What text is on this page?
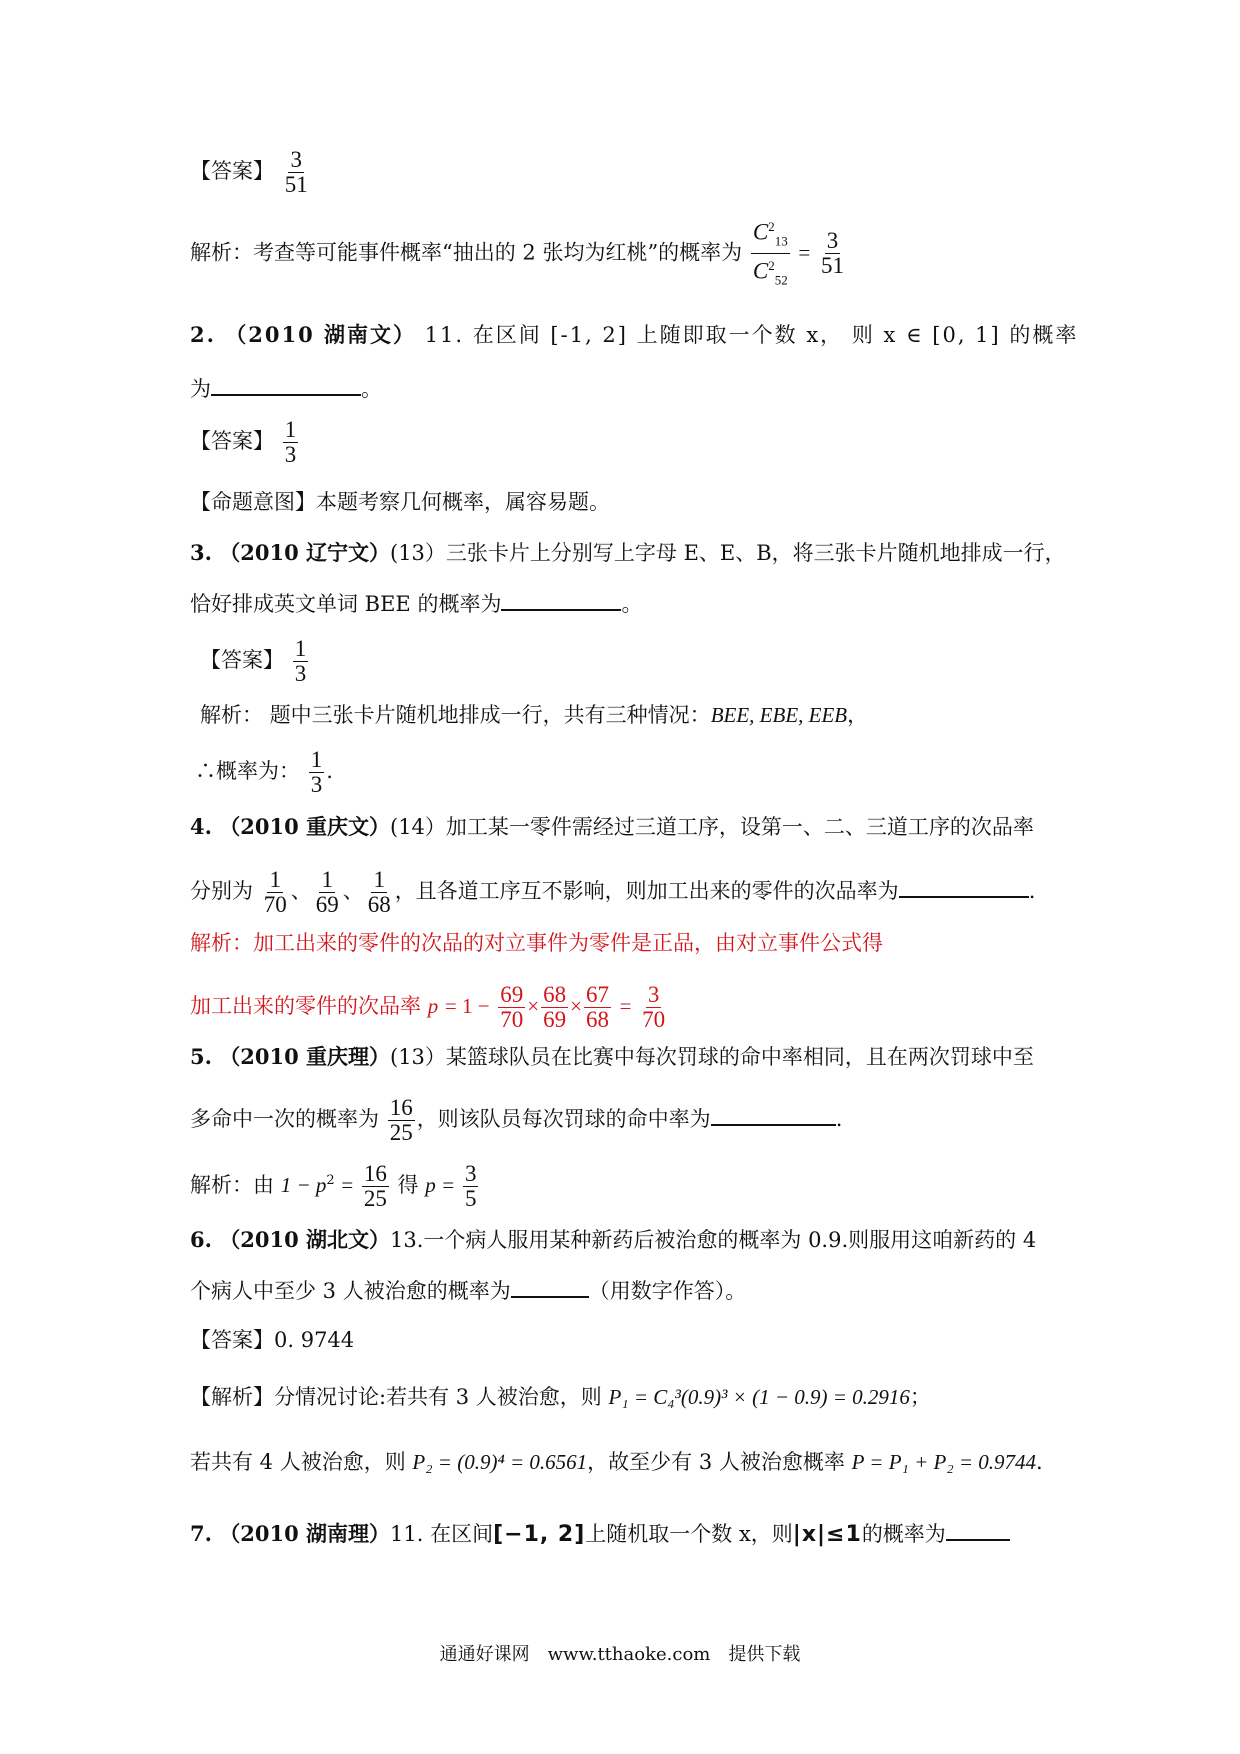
【答案】 $\frac{3}{51}$
解析：考查等可能事件概率“抽出的 2 张均为红桃”的概率为 $\frac{C^2_{13}}{C^2_{52}} = \frac{3}{51}$
2. （2010 湖南文） 11. 在区间 [-1, 2] 上随即取一个数 x， 则 x ∈ [0, 1] 的概率
为	。
【答案】 $\frac{1}{3}$
【命题意图】本题考察几何概率，属容易题。
3. （2010 辽宁文）(13）三张卡片上分别写上字母 E、E、B，将三张卡片随机地排成一行，
恰好排成英文单词 BEE 的概率为	。
【答案】 $\frac{1}{3}$
解析： 题中三张卡片随机地排成一行，共有三种情况：BEE, EBE, EEB，
∴概率为： $\frac{1}{3}$ .
4. （2010 重庆文）(14）加工某一零件需经过三道工序，设第一、二、三道工序的次品率
分别为 $\frac{1}{70}$ 、 $\frac{1}{69}$ 、 $\frac{1}{68}$ ，且各道工序互不影响，则加工出来的零件的次品率为	.
解析：加工出来的零件的次品的对立事件为零件是正品，由对立事件公式得
加工出来的零件的次品率 $p = 1 - \frac{69}{70} \times \frac{68}{69} \times \frac{67}{68} = \frac{3}{70}$
5. （2010 重庆理）(13）某篮球队员在比赛中每次罚球的命中率相同，且在两次罚球中至
多命中一次的概率为 $\frac{16}{25}$ ，则该队员每次罚球的命中率为	.
解析：由 $1 - p^2 = \frac{16}{25}$ 得 $p = \frac{3}{5}$
6. （2010 湖北文）13.一个病人服用某种新药后被治愈的概率为 0.9.则服用这咱新药的 4
个病人中至少 3 人被治愈的概率为	（用数字作答）。
【答案】0. 9744
【解析】分情况讨论:若共有 3 人被治愈，则 P₁ = C₄³(0.9)³ × (1 − 0.9) = 0.2916；
若共有 4 人被治愈，则 P₂ = (0.9)⁴ = 0.6561，故至少有 3 人被治愈概率 P = P₁ + P₂ = 0.9744.
7. （2010 湖南理）11. 在区间[−1, 2]上随机取一个数 x，则|x|≤1的概率为
通通好课网　www.tthaoke.com　提供下载
